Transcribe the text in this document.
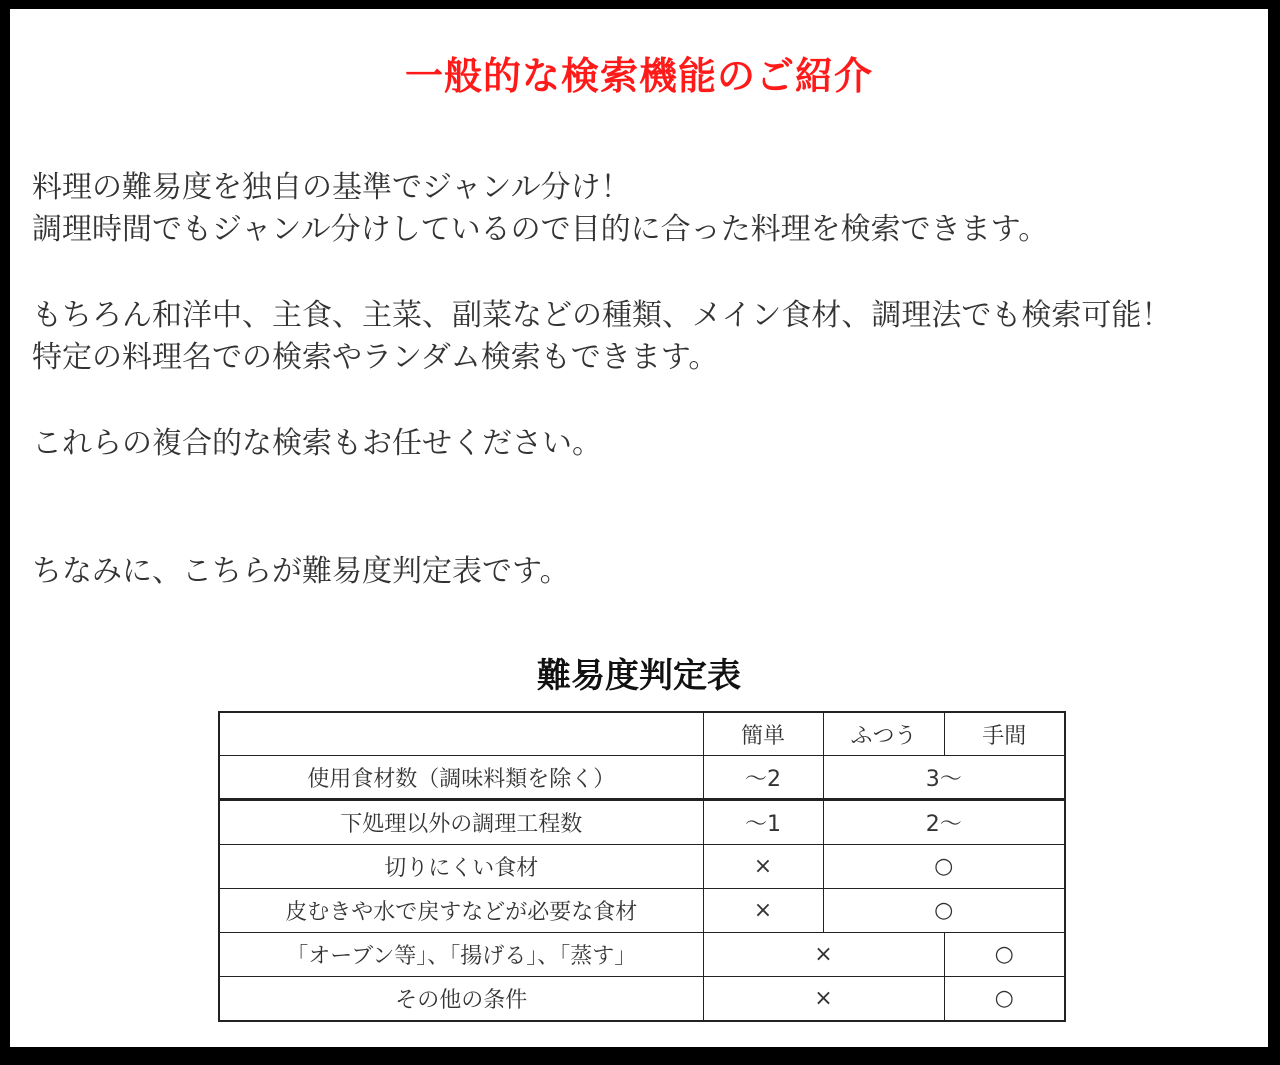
一般的な検索機能のご紹介

料理の難易度を独自の基準でジャンル分け！
調理時間でもジャンル分けしているので目的に合った料理を検索できます。

もちろん和洋中、主食、主菜、副菜などの種類、メイン食材、調理法でも検索可能！
特定の料理名での検索やランダム検索もできます。

これらの複合的な検索もお任せください。

ちなみに、こちらが難易度判定表です。

難易度判定表
	簡単	ふつう	手間
使用食材数（調味料類を除く）	～2	3～	
下処理以外の調理工程数	～1	2～	
切りにくい食材	×	○	
皮むきや水で戻すなどが必要な食材	×	○	
「オーブン等」、「揚げる」、「蒸す」	×		○
その他の条件	×		○
